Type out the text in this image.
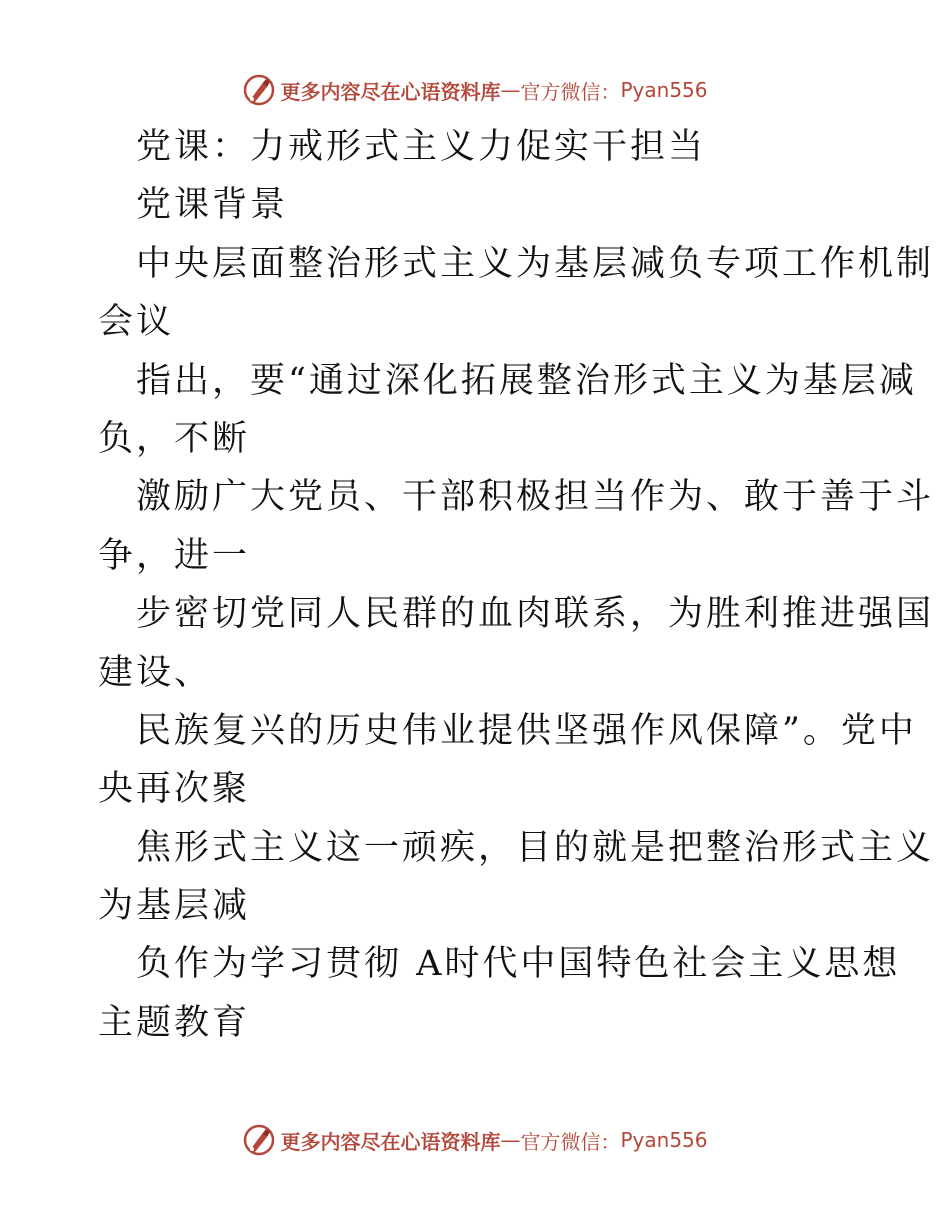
更多内容尽在心语资料库 — 官方微信： Pyan556
党课：力戒形式主义力促实干担当
党课背景
中央层面整治形式主义为基层减负专项工作机制
会议
指出，要“通过深化拓展整治形式主义为基层减
负，不断
激励广大党员、干部积极担当作为、敢于善于斗
争，进一
步密切党同人民群的血肉联系，为胜利推进强国
建设、
民族复兴的历史伟业提供坚强作风保障”。党中
央再次聚
焦形式主义这一顽疾，目的就是把整治形式主义
为基层减
负作为学习贯彻 A时代中国特色社会主义思想
主题教育
更多内容尽在心语资料库 — 官方微信： Pyan556
